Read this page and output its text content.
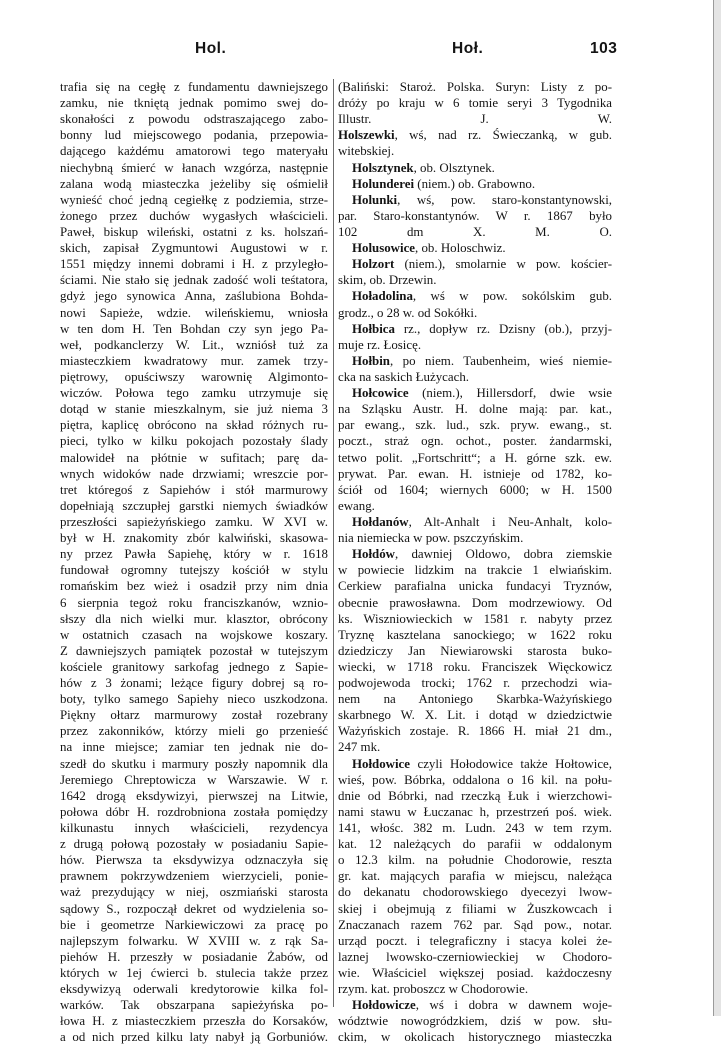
Hol.	Hoł.	103
trafia się na cegłę z fundamentu dawniejszego
zamku, nie tkniętą jednak pomimo swej do-
skonałości z powodu odstraszającego zabo-
bonny lud miejscowego podania, przepowia-
dającego każdému amatorowi tego materyału
niechybną śmierć w łanach wzgórza, następnie
zalana wodą miasteczka jeżeliby się ośmielił
wynieść choć jedną cegiełkę z podziemia, strze-
żonego przez duchów wygasłych właścicieli.
Paweł, biskup wileński, ostatni z ks. holszań-
skich, zapisał Zygmuntowi Augustowi w r.
1551 między innemi dobrami i H. z przyległo-
ściami. Nie stało się jednak zadość woli teśtatora,
gdyż jego synowica Anna, zaślubiona Bohda-
nowi Sapieże, wdzie. wileńskiemu, wniosła
w ten dom H. Ten Bohdan czy syn jego Pa-
weł, podkanclerzy W. Lit., wzniósł tuż za
miasteczkiem kwadratowy mur. zamek trzy-
piętrowy, opuściwszy warownię Algimonto-
wiczów. Połowa tego zamku utrzymuje się
dotąd w stanie mieszkalnym, sie już niema 3
piętra, kaplicę obrócono na skład różnych ru-
pieci, tylko w kilku pokojach pozostały ślady
malowideł na płótnie w sufitach; parę da-
wnych widoków nade drzwiami; wreszcie por-
tret któregoś z Sapiehów i stół marmurowy
dopełniają szczupłej garstki niemych świadków
przeszłości sapieżyńskiego zamku. W XVI w.
był w H. znakomity zbór kalwiński, skasowa-
ny przez Pawła Sapiehę, który w r. 1618
fundował ogromny tutejszy kościół w stylu
romańskim bez wież i osadził przy nim dnia
6 sierpnia tegoż roku franciszkanów, wznio-
słszy dla nich wielki mur. klasztor, obrócony
w ostatnich czasach na wojskowe koszary.
Z dawniejszych pamiątek pozostał w tutejszym
kościele granitowy sarkofag jednego z Sapie-
hów z 3 żonami; leżące figury dobrej są ro-
boty, tylko samego Sapiehy nieco uszkodzona.
Piękny ołtarz marmurowy został rozebrany
przez zakonników, którzy mieli go przenieść
na inne miejsce; zamiar ten jednak nie do-
szedł do skutku i marmury poszły napomnik dla
Jeremiego Chreptowicza w Warszawie. W r.
1642 drogą eksdywizyi, pierwszej na Litwie,
połowa dóbr H. rozdrobniona została pomiędzy
kilkunastu innych właścicieli, rezydencya
z drugą połową pozostały w posiadaniu Sapie-
hów. Pierwsza ta eksdywizya odznaczyła się
prawnem pokrzywdzeniem wierzycieli, ponie-
waż prezydujący w niej, oszmiański starosta
sądowy S., rozpoczął dekret od wydzielenia so-
bie i geometrze Narkiewiczowi za pracę po
najlepszym folwarku. W XVIII w. z rąk Sa-
piehów H. przeszły w posiadanie Żabów, od
których w 1ej ćwierci b. stulecia także przez
eksdywizyą oderwali kredytorowie kilka fol-
warków. Tak obszarpana sapieżyńska po-
łowa H. z miasteczkiem przeszła do Korsaków,
a od nich przed kilku laty nabył ją Gorbuniów.
(Baliński: Staroż. Polska. Suryn: Listy z po-
dróży po kraju w 6 tomie seryi 3 Tygodnika
Illustr. J. W.
Holszewki, wś, nad rz. Świeczanką, w gub.
witebskiej.
Holsztynek, ob. Olsztynek.
Holunderei (niem.) ob. Grabowno.
Holunki, wś, pow. staro-konstantynowski,
par. Staro-konstantynów. W r. 1867 było
102 dm X. M. O.
Holusowice, ob. Holoschwiz.
Holzort (niem.), smolarnie w pow. kościer-
skim, ob. Drzewin.
Hoładolina, wś w pow. sokólskim gub.
grodz., o 28 w. od Sokółki.
Hołbica rz., dopływ rz. Dzisny (ob.), przyj-
muje rz. Łosicę.
Hołbin, po niem. Taubenheim, wieś niemie-
cka na saskich Łużycach.
Hołcowice (niem.), Hillersdorf, dwie wsie
na Szląsku Austr. H. dolne mają: par. kat.,
par ewang., szk. lud., szk. pryw. ewang., st.
poczt., straż ogn. ochot., poster. żandarmski,
tetwo polit. „Fortschritt“; a H. górne szk. ew.
prywat. Par. ewan. H. istnieje od 1782, ko-
ściół od 1604; wiernych 6000; w H. 1500
ewang.
Hołdanów, Alt-Anhalt i Neu-Anhalt, kolo-
nia niemiecka w pow. pszczyńskim.
Hołdów, dawniej Oldowo, dobra ziemskie
w powiecie lidzkim na trakcie 1 elwiańskim.
Cerkiew parafialna unicka fundacyi Tryznów,
obecnie prawosławna. Dom modrzewiowy. Od
ks. Wiszniowieckich w 1581 r. nabyty przez
Tryznę kasztelana sanockiego; w 1622 roku
dziedziczy Jan Niewiarowski starosta buko-
wiecki, w 1718 roku. Franciszek Więckowicz
podwojewoda trocki; 1762 r. przechodzi wia-
nem na Antoniego Skarbka-Ważyńskiego
skarbnego W. X. Lit. i dotąd w dziedzictwie
Ważyńskich zostaje. R. 1866 H. miał 21 dm.,
247 mk.
Hołdowice czyli Hołodowice także Hołtowice,
wieś, pow. Bóbrka, oddalona o 16 kil. na połu-
dnie od Bóbrki, nad rzeczką Łuk i wierzchowi-
nami stawu w Łuczanac h, przestrzeń poś. wiek.
141, włośc. 382 m. Ludn. 243 w tem rzym.
kat. 12 należących do parafii w oddalonym
o 12.3 kilm. na południe Chodorowie, reszta
gr. kat. mających parafia w miejscu, należąca
do dekanatu chodorowskiego dyecezyi lwow-
skiej i obejmują z filiami w Żuszkowcach i
Znaczanach razem 762 par. Sąd pow., notar.
urząd poczt. i telegraficzny i stacya kolei że-
laznej lwowsko-czerniowieckiej w Chodoro-
wie. Właściciel większej posiad. każdoczesny
rzym. kat. proboszcz w Chodorowie.
Hołdowicze, wś i dobra w dawnem woje-
wództwie nowogródzkiem, dziś w pow. słu-
ckim, w okolicach historycznego miasteczka
